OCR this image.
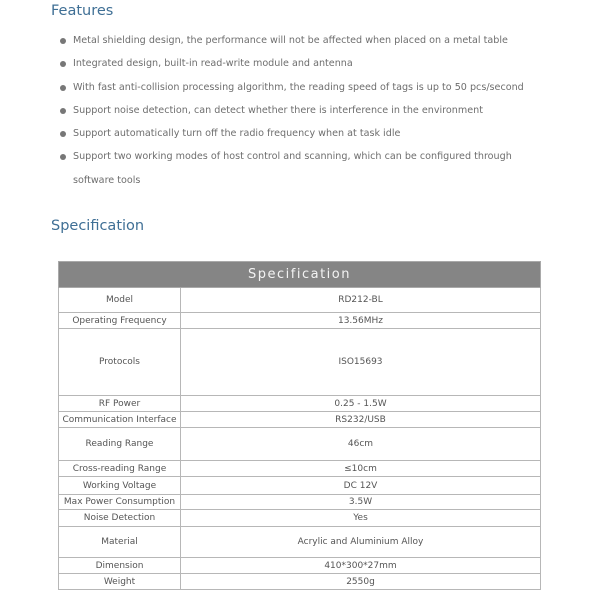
Features
Metal shielding design, the performance will not be affected when placed on a metal table
Integrated design, built-in read-write module and antenna
With fast anti-collision processing algorithm, the reading speed of tags is up to 50 pcs/second
Support noise detection, can detect whether there is interference in the environment
Support automatically turn off the radio frequency when at task idle
Support two working modes of host control and scanning, which can be configured through software tools
Specification
Specification	
Model	RD212-BL
Operating Frequency	13.56MHz
Protocols	ISO15693
RF Power	0.25 - 1.5W
Communication Interface	RS232/USB
Reading Range	46cm
Cross-reading Range	≤10cm
Working Voltage	DC 12V
Max Power Consumption	3.5W
Noise Detection	Yes
Material	Acrylic and Aluminium Alloy
Dimension	410*300*27mm
Weight	2550g
